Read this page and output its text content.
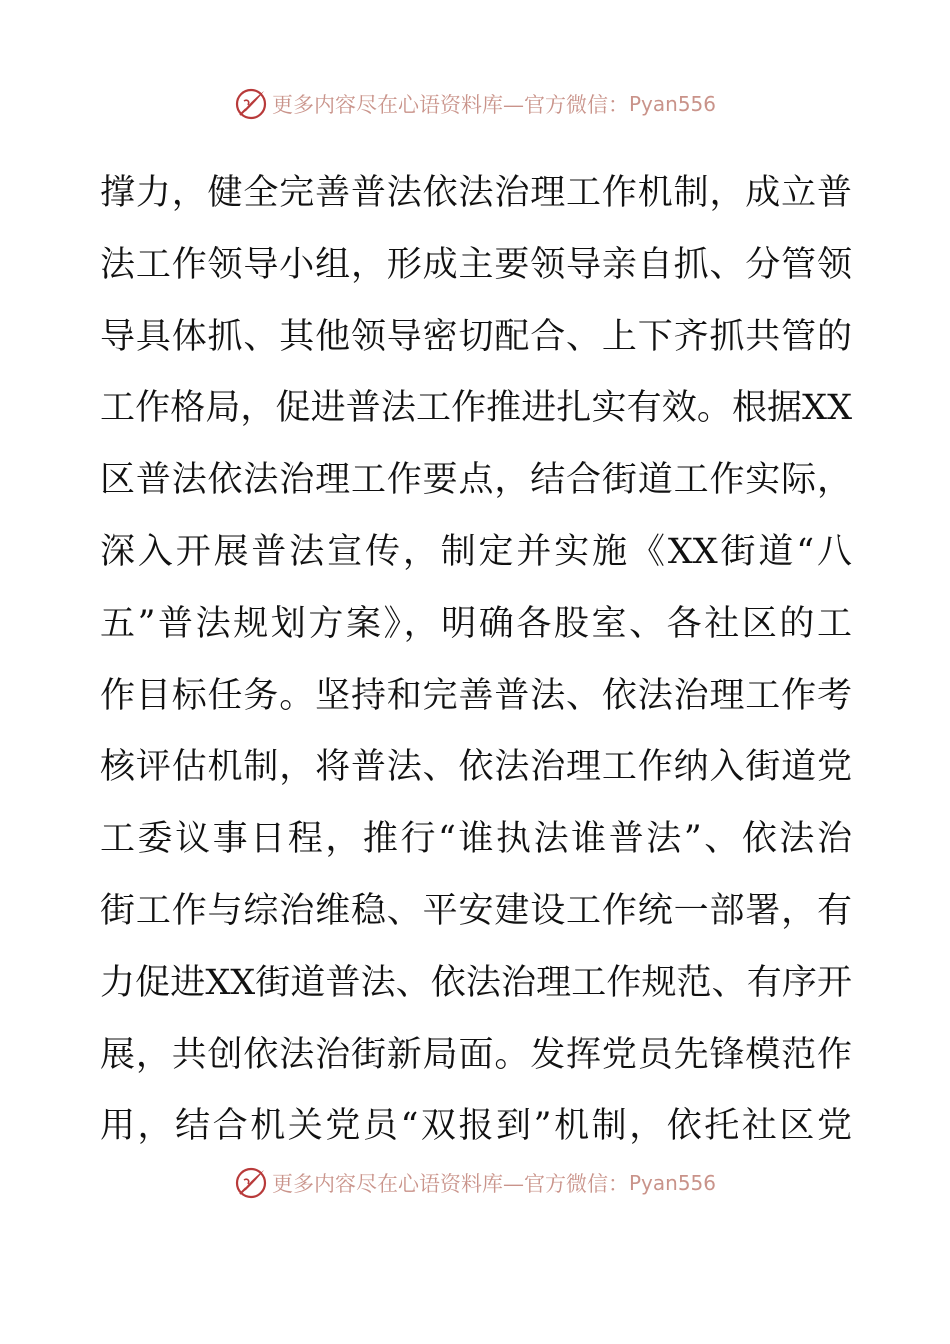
更多内容尽在心语资料库—官方微信： Pyan556
撑力，健全完善普法依法治理工作机制，成立普
法工作领导小组，形成主要领导亲自抓、分管领
导具体抓、其他领导密切配合、上下齐抓共管的
工作格局，促进普法工作推进扎实有效。根据XX
区普法依法治理工作要点，结合街道工作实际，
深入开展普法宣传，制定并实施《XX街道“八
五”普法规划方案》，明确各股室、各社区的工
作目标任务。坚持和完善普法、依法治理工作考
核评估机制，将普法、依法治理工作纳入街道党
工委议事日程，推行“谁执法谁普法”、依法治
街工作与综治维稳、平安建设工作统一部署，有
力促进XX街道普法、依法治理工作规范、有序开
展，共创依法治街新局面。发挥党员先锋模范作
用，结合机关党员“双报到”机制，依托社区党
更多内容尽在心语资料库—官方微信： Pyan556
